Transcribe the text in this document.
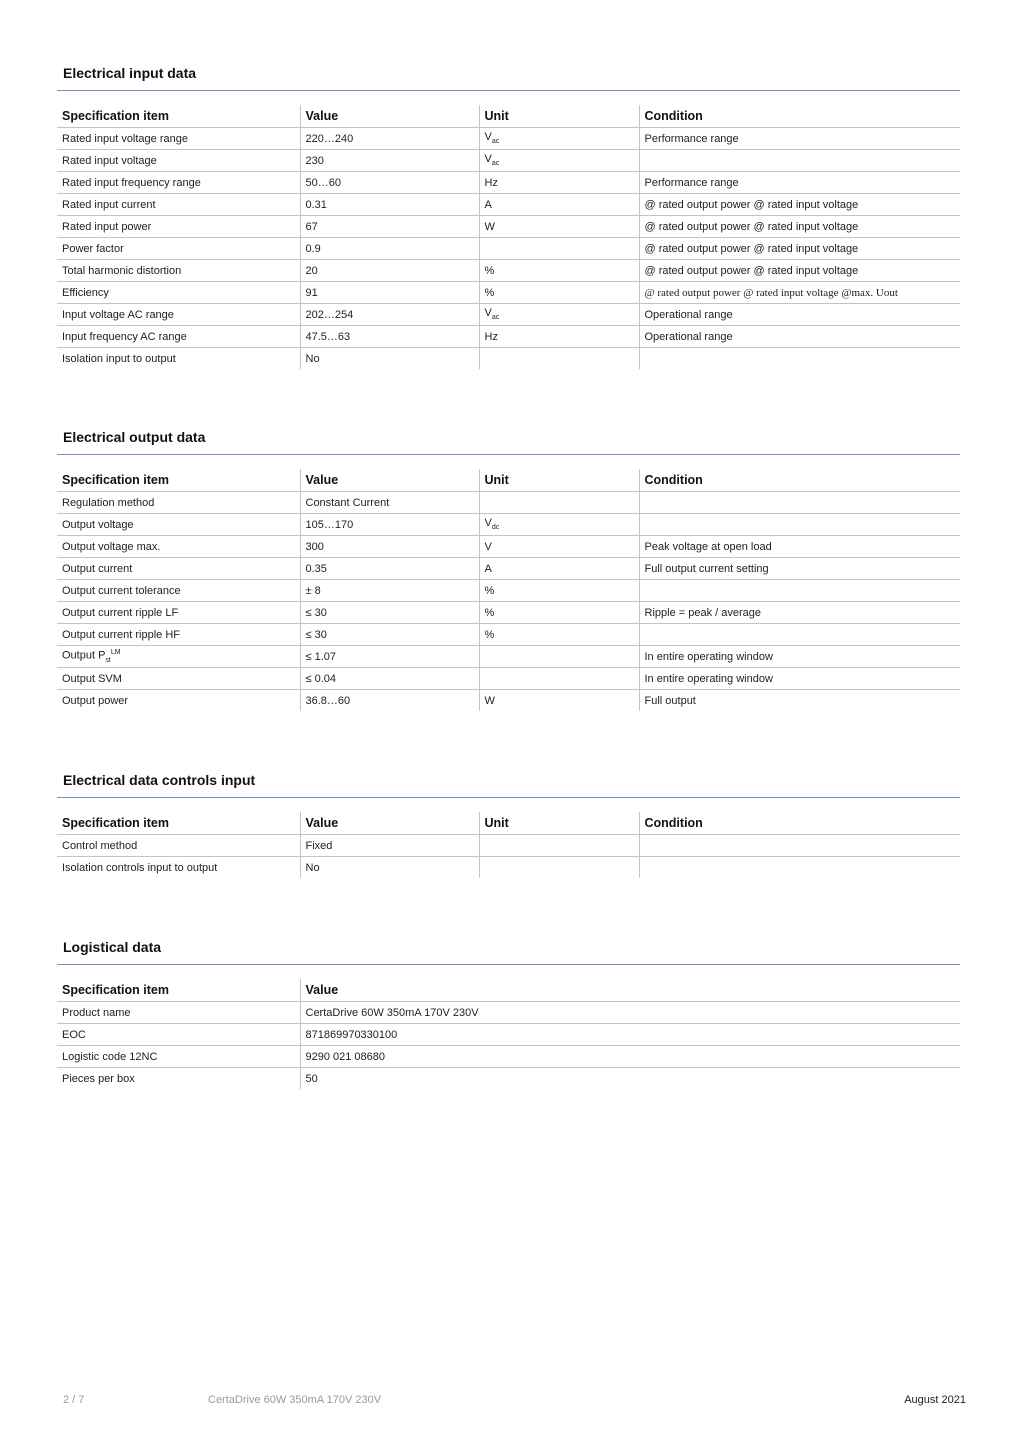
Electrical input data
Specification item	Value	Unit	Condition
Rated input voltage range	220…240	$V_{ac}$	Performance range
Rated input voltage	230	$V_{ac}$	
Rated input frequency range	50…60	Hz	Performance range
Rated input current	0.31	A	@ rated output power @ rated input voltage
Rated input power	67	W	@ rated output power @ rated input voltage
Power factor	0.9		@ rated output power @ rated input voltage
Total harmonic distortion	20	%	@ rated output power @ rated input voltage
Efficiency	91	%	@ rated output power @ rated input voltage @max. Uout
Input voltage AC range	202…254	$V_{ac}$	Operational range
Input frequency AC range	47.5…63	Hz	Operational range
Isolation input to output	No		
Electrical output data
Specification item	Value	Unit	Condition
Regulation method	Constant Current		
Output voltage	105…170	$V_{dc}$	
Output voltage max.	300	V	Peak voltage at open load
Output current	0.35	A	Full output current setting
Output current tolerance	± 8	%	
Output current ripple LF	≤ 30	%	Ripple = peak / average
Output current ripple HF	≤ 30	%	
Output $P_{st}^{LM}$	≤ 1.07		In entire operating window
Output SVM	≤ 0.04		In entire operating window
Output power	36.8…60	W	Full output
Electrical data controls input
Specification item	Value	Unit	Condition
Control method	Fixed		
Isolation controls input to output	No		
Logistical data
Specification item	Value
Product name	CertaDrive 60W 350mA 170V 230V
EOC	871869970330100
Logistic code 12NC	9290 021 08680
Pieces per box	50
2 / 7	CertaDrive 60W 350mA 170V 230V	August 2021
